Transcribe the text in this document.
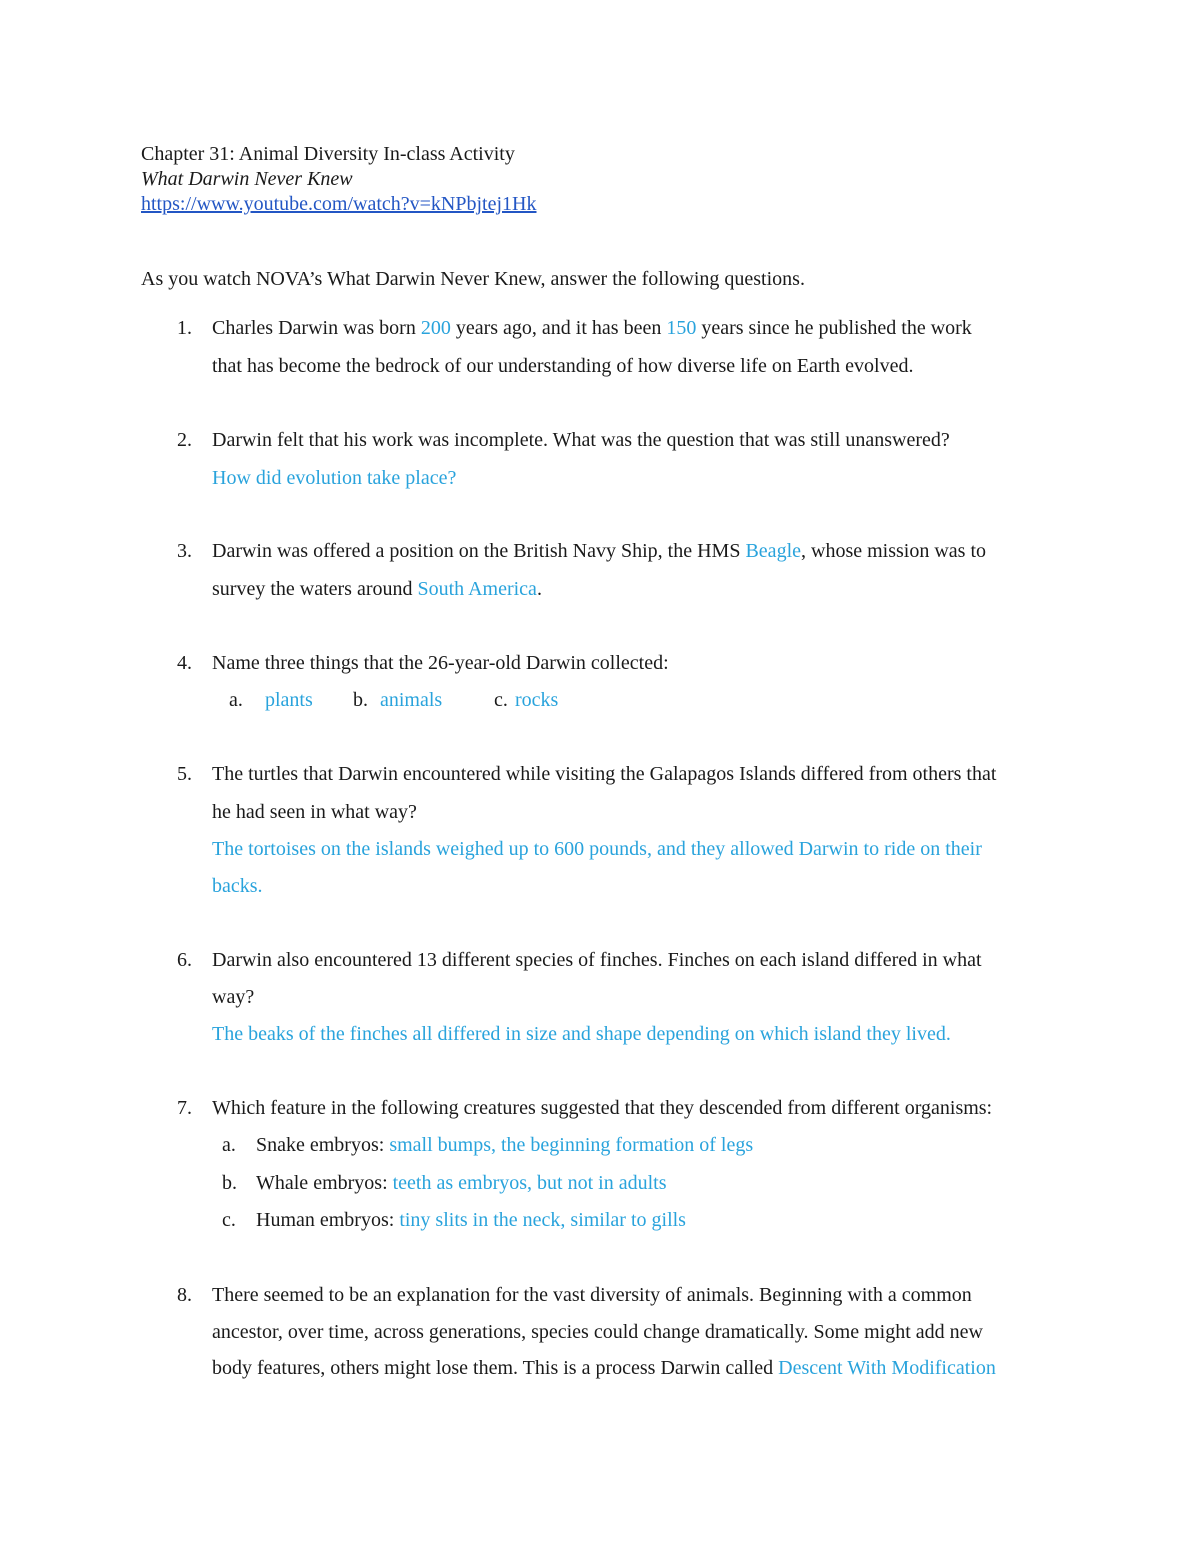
Chapter 31: Animal Diversity In-class Activity
What Darwin Never Knew
https://www.youtube.com/watch?v=kNPbjtej1Hk
As you watch NOVA’s What Darwin Never Knew, answer the following questions.
1. Charles Darwin was born 200 years ago, and it has been 150 years since he published the work
that has become the bedrock of our understanding of how diverse life on Earth evolved.
2. Darwin felt that his work was incomplete. What was the question that was still unanswered?
How did evolution take place?
3. Darwin was offered a position on the British Navy Ship, the HMS Beagle, whose mission was to
survey the waters around South America.
4. Name three things that the 26-year-old Darwin collected:
a. plants b. animals	c. rocks
5. The turtles that Darwin encountered while visiting the Galapagos Islands differed from others that
he had seen in what way?
The tortoises on the islands weighed up to 600 pounds, and they allowed Darwin to ride on their
backs.
6. Darwin also encountered 13 different species of finches. Finches on each island differed in what
way?
The beaks of the finches all differed in size and shape depending on which island they lived.
7. Which feature in the following creatures suggested that they descended from different organisms:
a. Snake embryos: small bumps, the beginning formation of legs
b. Whale embryos: teeth as embryos, but not in adults
c. Human embryos: tiny slits in the neck, similar to gills
8. There seemed to be an explanation for the vast diversity of animals. Beginning with a common
ancestor, over time, across generations, species could change dramatically. Some might add new
body features, others might lose them. This is a process Darwin called Descent With Modification
